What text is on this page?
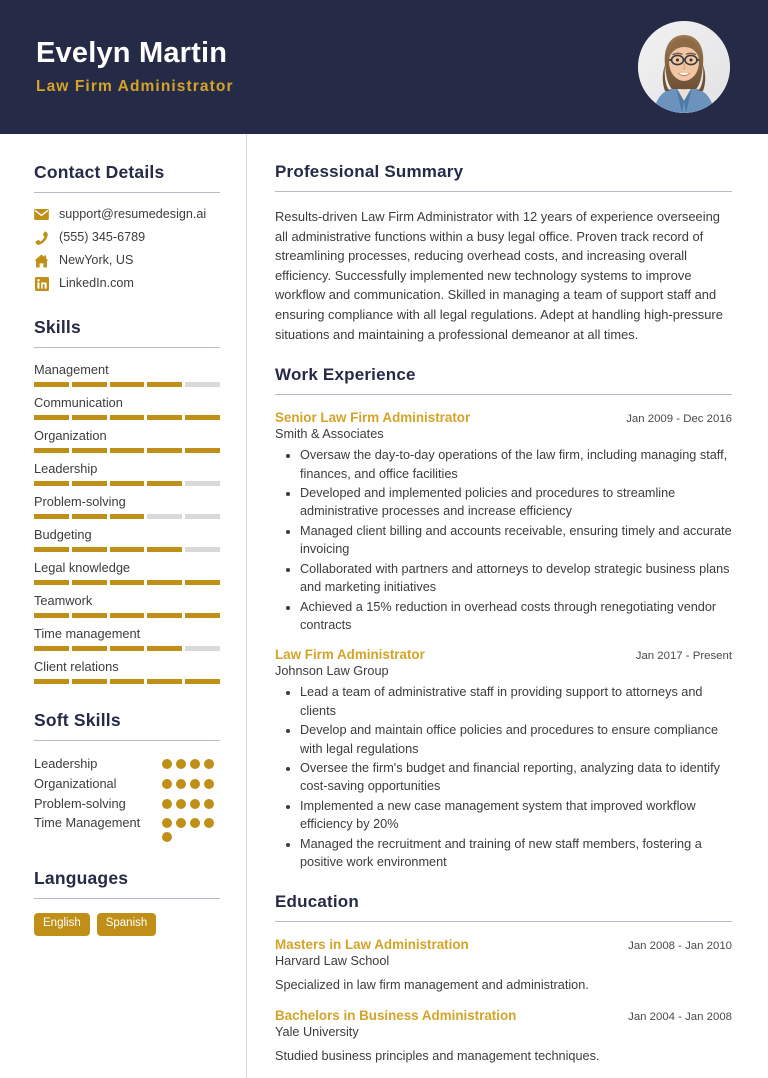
Evelyn Martin
Law Firm Administrator
Contact Details
support@resumedesign.ai
(555) 345-6789
NewYork, US
LinkedIn.com
Skills
Management
Communication
Organization
Leadership
Problem-solving
Budgeting
Legal knowledge
Teamwork
Time management
Client relations
Soft Skills
Leadership
Organizational
Problem-solving
Time Management
Languages
English	Spanish
Professional Summary

Results-driven Law Firm Administrator with 12 years of experience overseeing all administrative functions within a busy legal office. Proven track record of streamlining processes, reducing overhead costs, and increasing overall efficiency. Successfully implemented new technology systems to improve workflow and communication. Skilled in managing a team of support staff and ensuring compliance with all legal regulations. Adept at handling high-pressure situations and maintaining a professional demeanor at all times.

Work Experience
Senior Law Firm Administrator	Jan 2009 - Dec 2016
Smith & Associates
• Oversaw the day-to-day operations of the law firm, including managing staff, finances, and office facilities
• Developed and implemented policies and procedures to streamline administrative processes and increase efficiency
• Managed client billing and accounts receivable, ensuring timely and accurate invoicing
• Collaborated with partners and attorneys to develop strategic business plans and marketing initiatives
• Achieved a 15% reduction in overhead costs through renegotiating vendor contracts
Law Firm Administrator	Jan 2017 - Present
Johnson Law Group
• Lead a team of administrative staff in providing support to attorneys and clients
• Develop and maintain office policies and procedures to ensure compliance with legal regulations
• Oversee the firm's budget and financial reporting, analyzing data to identify cost-saving opportunities
• Implemented a new case management system that improved workflow efficiency by 20%
• Managed the recruitment and training of new staff members, fostering a positive work environment
Education
Masters in Law Administration	Jan 2008 - Jan 2010
Harvard Law School
Specialized in law firm management and administration.
Bachelors in Business Administration	Jan 2004 - Jan 2008
Yale University
Studied business principles and management techniques.
